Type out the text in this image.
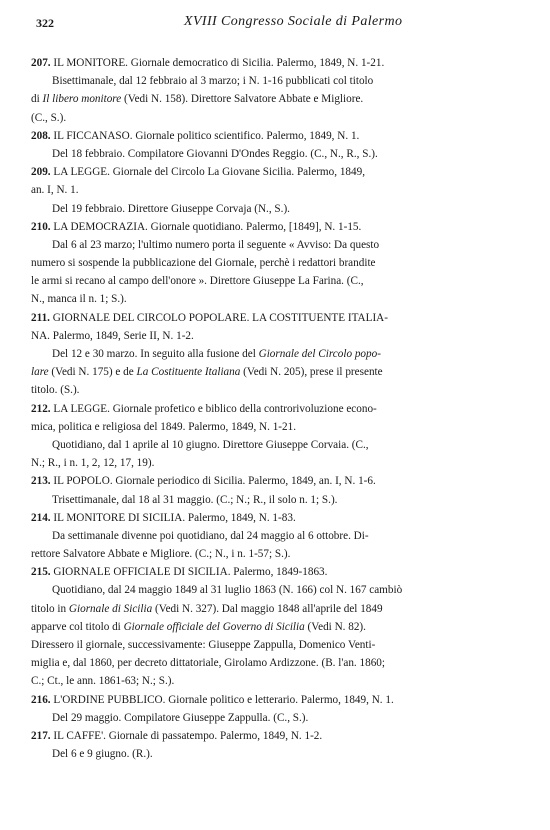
322	XVIII Congresso Sociale di Palermo
207. IL MONITORE. Giornale democratico di Sicilia. Palermo, 1849, N. 1-21.
Bisettimanale, dal 12 febbraio al 3 marzo; i N. 1-16 pubblicati col titolo
di Il libero monitore (Vedi N. 158). Direttore Salvatore Abbate e Migliore.
(C., S.).
208. IL FICCANASO. Giornale politico scientifico. Palermo, 1849, N. 1.
Del 18 febbraio. Compilatore Giovanni D'Ondes Reggio. (C., N., R., S.).
209. LA LEGGE. Giornale del Circolo La Giovane Sicilia. Palermo, 1849,
an. I, N. 1.
Del 19 febbraio. Direttore Giuseppe Corvaja (N., S.).
210. LA DEMOCRAZIA. Giornale quotidiano. Palermo, [1849], N. 1-15.
Dal 6 al 23 marzo; l'ultimo numero porta il seguente « Avviso: Da questo
numero si sospende la pubblicazione del Giornale, perchè i redattori brandite
le armi si recano al campo dell'onore ». Direttore Giuseppe La Farina. (C.,
N., manca il n. 1; S.).
211. GIORNALE DEL CIRCOLO POPOLARE. LA COSTITUENTE ITALIA-
NA. Palermo, 1849, Serie II, N. 1-2.
Del 12 e 30 marzo. In seguito alla fusione del Giornale del Circolo popo-
lare (Vedi N. 175) e de La Costituente Italiana (Vedi N. 205), prese il presente
titolo. (S.).
212. LA LEGGE. Giornale profetico e biblico della controrivoluzione econo-
mica, politica e religiosa del 1849. Palermo, 1849, N. 1-21.
Quotidiano, dal 1 aprile al 10 giugno. Direttore Giuseppe Corvaia. (C.,
N.; R., i n. 1, 2, 12, 17, 19).
213. IL POPOLO. Giornale periodico di Sicilia. Palermo, 1849, an. I, N. 1-6.
Trisettimanale, dal 18 al 31 maggio. (C.; N.; R., il solo n. 1; S.).
214. IL MONITORE DI SICILIA. Palermo, 1849, N. 1-83.
Da settimanale divenne poi quotidiano, dal 24 maggio al 6 ottobre. Di-
rettore Salvatore Abbate e Migliore. (C.; N., i n. 1-57; S.).
215. GIORNALE OFFICIALE DI SICILIA. Palermo, 1849-1863.
Quotidiano, dal 24 maggio 1849 al 31 luglio 1863 (N. 166) col N. 167 cambiò
titolo in Giornale di Sicilia (Vedi N. 327). Dal maggio 1848 all'aprile del 1849
apparve col titolo di Giornale officiale del Governo di Sicilia (Vedi N. 82).
Diressero il giornale, successivamente: Giuseppe Zappulla, Domenico Venti-
miglia e, dal 1860, per decreto dittatoriale, Girolamo Ardizzone. (B. l'an. 1860;
C.; Ct., le ann. 1861-63; N.; S.).
216. L'ORDINE PUBBLICO. Giornale politico e letterario. Palermo, 1849, N. 1.
Del 29 maggio. Compilatore Giuseppe Zappulla. (C., S.).
217. IL CAFFE'. Giornale di passatempo. Palermo, 1849, N. 1-2.
Del 6 e 9 giugno. (R.).
